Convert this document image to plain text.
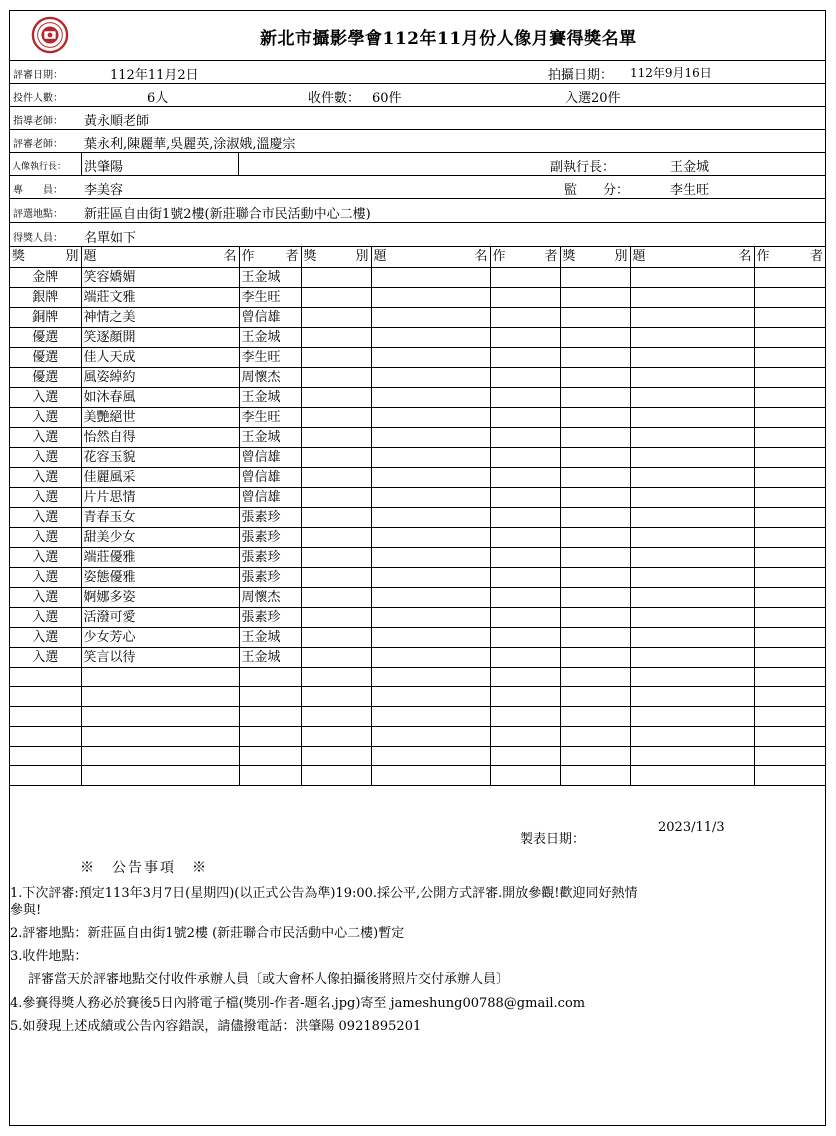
新北市攝影學會112年11月份人像月賽得獎名單
評審日期：	112年11月2日	拍攝日期： 112年9月16日
投件人數：	6人	收件數： 60件	入選20件
指導老師： 黃永順老師
評審老師： 葉永利,陳麗華,吳麗英,涂淑娥,溫慶宗
人像執行長： 洪肇陽	副執行長：	王金城
專　　員： 李美容	監　　分：	李生旺
評選地點： 新莊區自由街1號2樓(新莊聯合市民活動中心二樓)
得獎人員： 名單如下
獎 別	題 名	作 者	獎 別	題 名	作 者	獎 別	題 名	作 者

金牌	笑容嬌媚	王金城						
銀牌	端莊文雅	李生旺						
銅牌	神情之美	曾信雄						
優選	笑逐顏開	王金城						
優選	佳人天成	李生旺						
優選	風姿綽約	周懷杰						
入選	如沐春風	王金城						
入選	美艷絕世	李生旺						
入選	怡然自得	王金城						
入選	花容玉貌	曾信雄						
入選	佳麗風采	曾信雄						
入選	片片思情	曾信雄						
入選	青春玉女	張素珍						
入選	甜美少女	張素珍						
入選	端莊優雅	張素珍						
入選	姿態優雅	張素珍						
入選	婀娜多姿	周懷杰						
入選	活潑可愛	張素珍						
入選	少女芳心	王金城						
入選	笑言以待	王金城						

製表日期：
2023/11/3
※　公告事項　※
1.下次評審:預定113年3月7日(星期四)(以正式公告為準)19:00.採公平,公開方式評審.開放參觀!歡迎同好熱情
參與!
2.評審地點：新莊區自由街1號2樓 (新莊聯合市民活動中心二樓)暫定
3.收件地點：
評審當天於評審地點交付收件承辦人員〔或大會杯人像拍攝後將照片交付承辦人員〕
4.參賽得獎人務必於賽後5日內將電子檔(獎別-作者-題名.jpg)寄至 jameshung00788@gmail.com
5.如發現上述成績或公告內容錯誤，請儘撥電話：洪肇陽 0921895201
